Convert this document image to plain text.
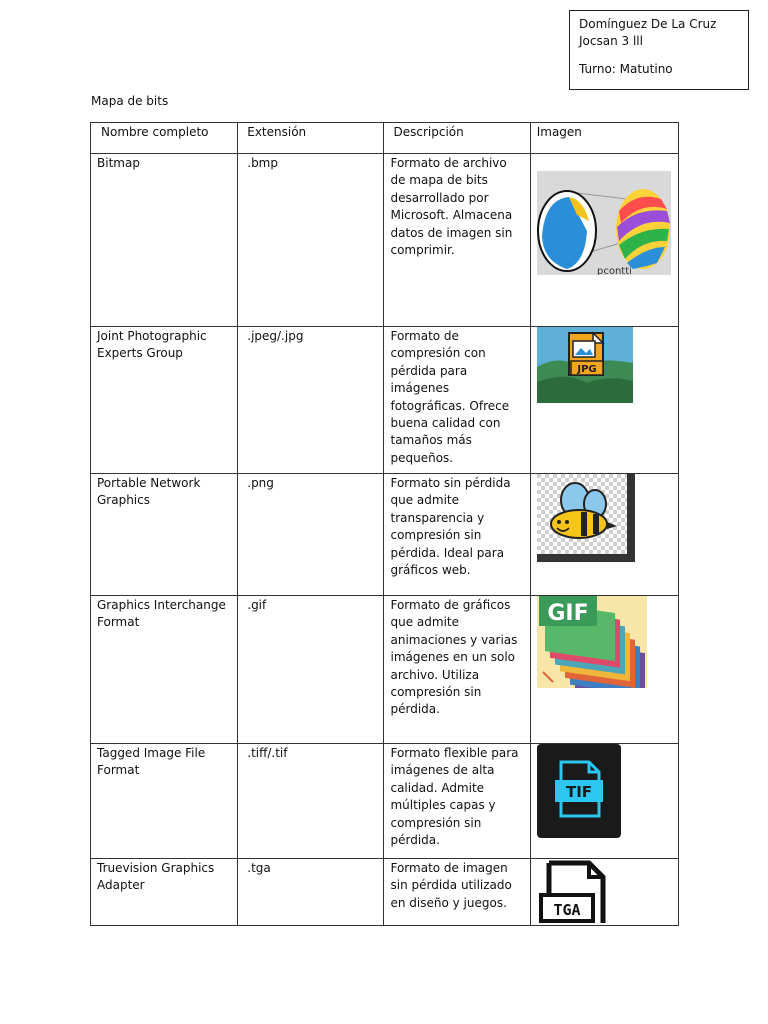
Domínguez De La Cruz
Jocsan 3 lll
Turno: Matutino
Mapa de bits
Nombre completo	Extensión	Descripción	Imagen
Bitmap	.bmp	Formato de archivo de mapa de bits desarrollado por Microsoft. Almacena datos de imagen sin comprimir.	pcontti

Joint Photographic Experts Group	.jpeg/.jpg	Formato de compresión con pérdida para imágenes fotográficas. Ofrece buena calidad con tamaños más pequeños.	JPG

Portable Network Graphics	.png	Formato sin pérdida que admite transparencia y compresión sin pérdida. Ideal para gráficos web.	

Graphics Interchange Format	.gif	Formato de gráficos que admite animaciones y varias imágenes en un solo archivo. Utiliza compresión sin pérdida.	GIF

Tagged Image File Format	.tiff/.tif	Formato flexible para imágenes de alta calidad. Admite múltiples capas y compresión sin pérdida.	TIF

Truevision Graphics Adapter	.tga	Formato de imagen sin pérdida utilizado en diseño y juegos.	TGA
